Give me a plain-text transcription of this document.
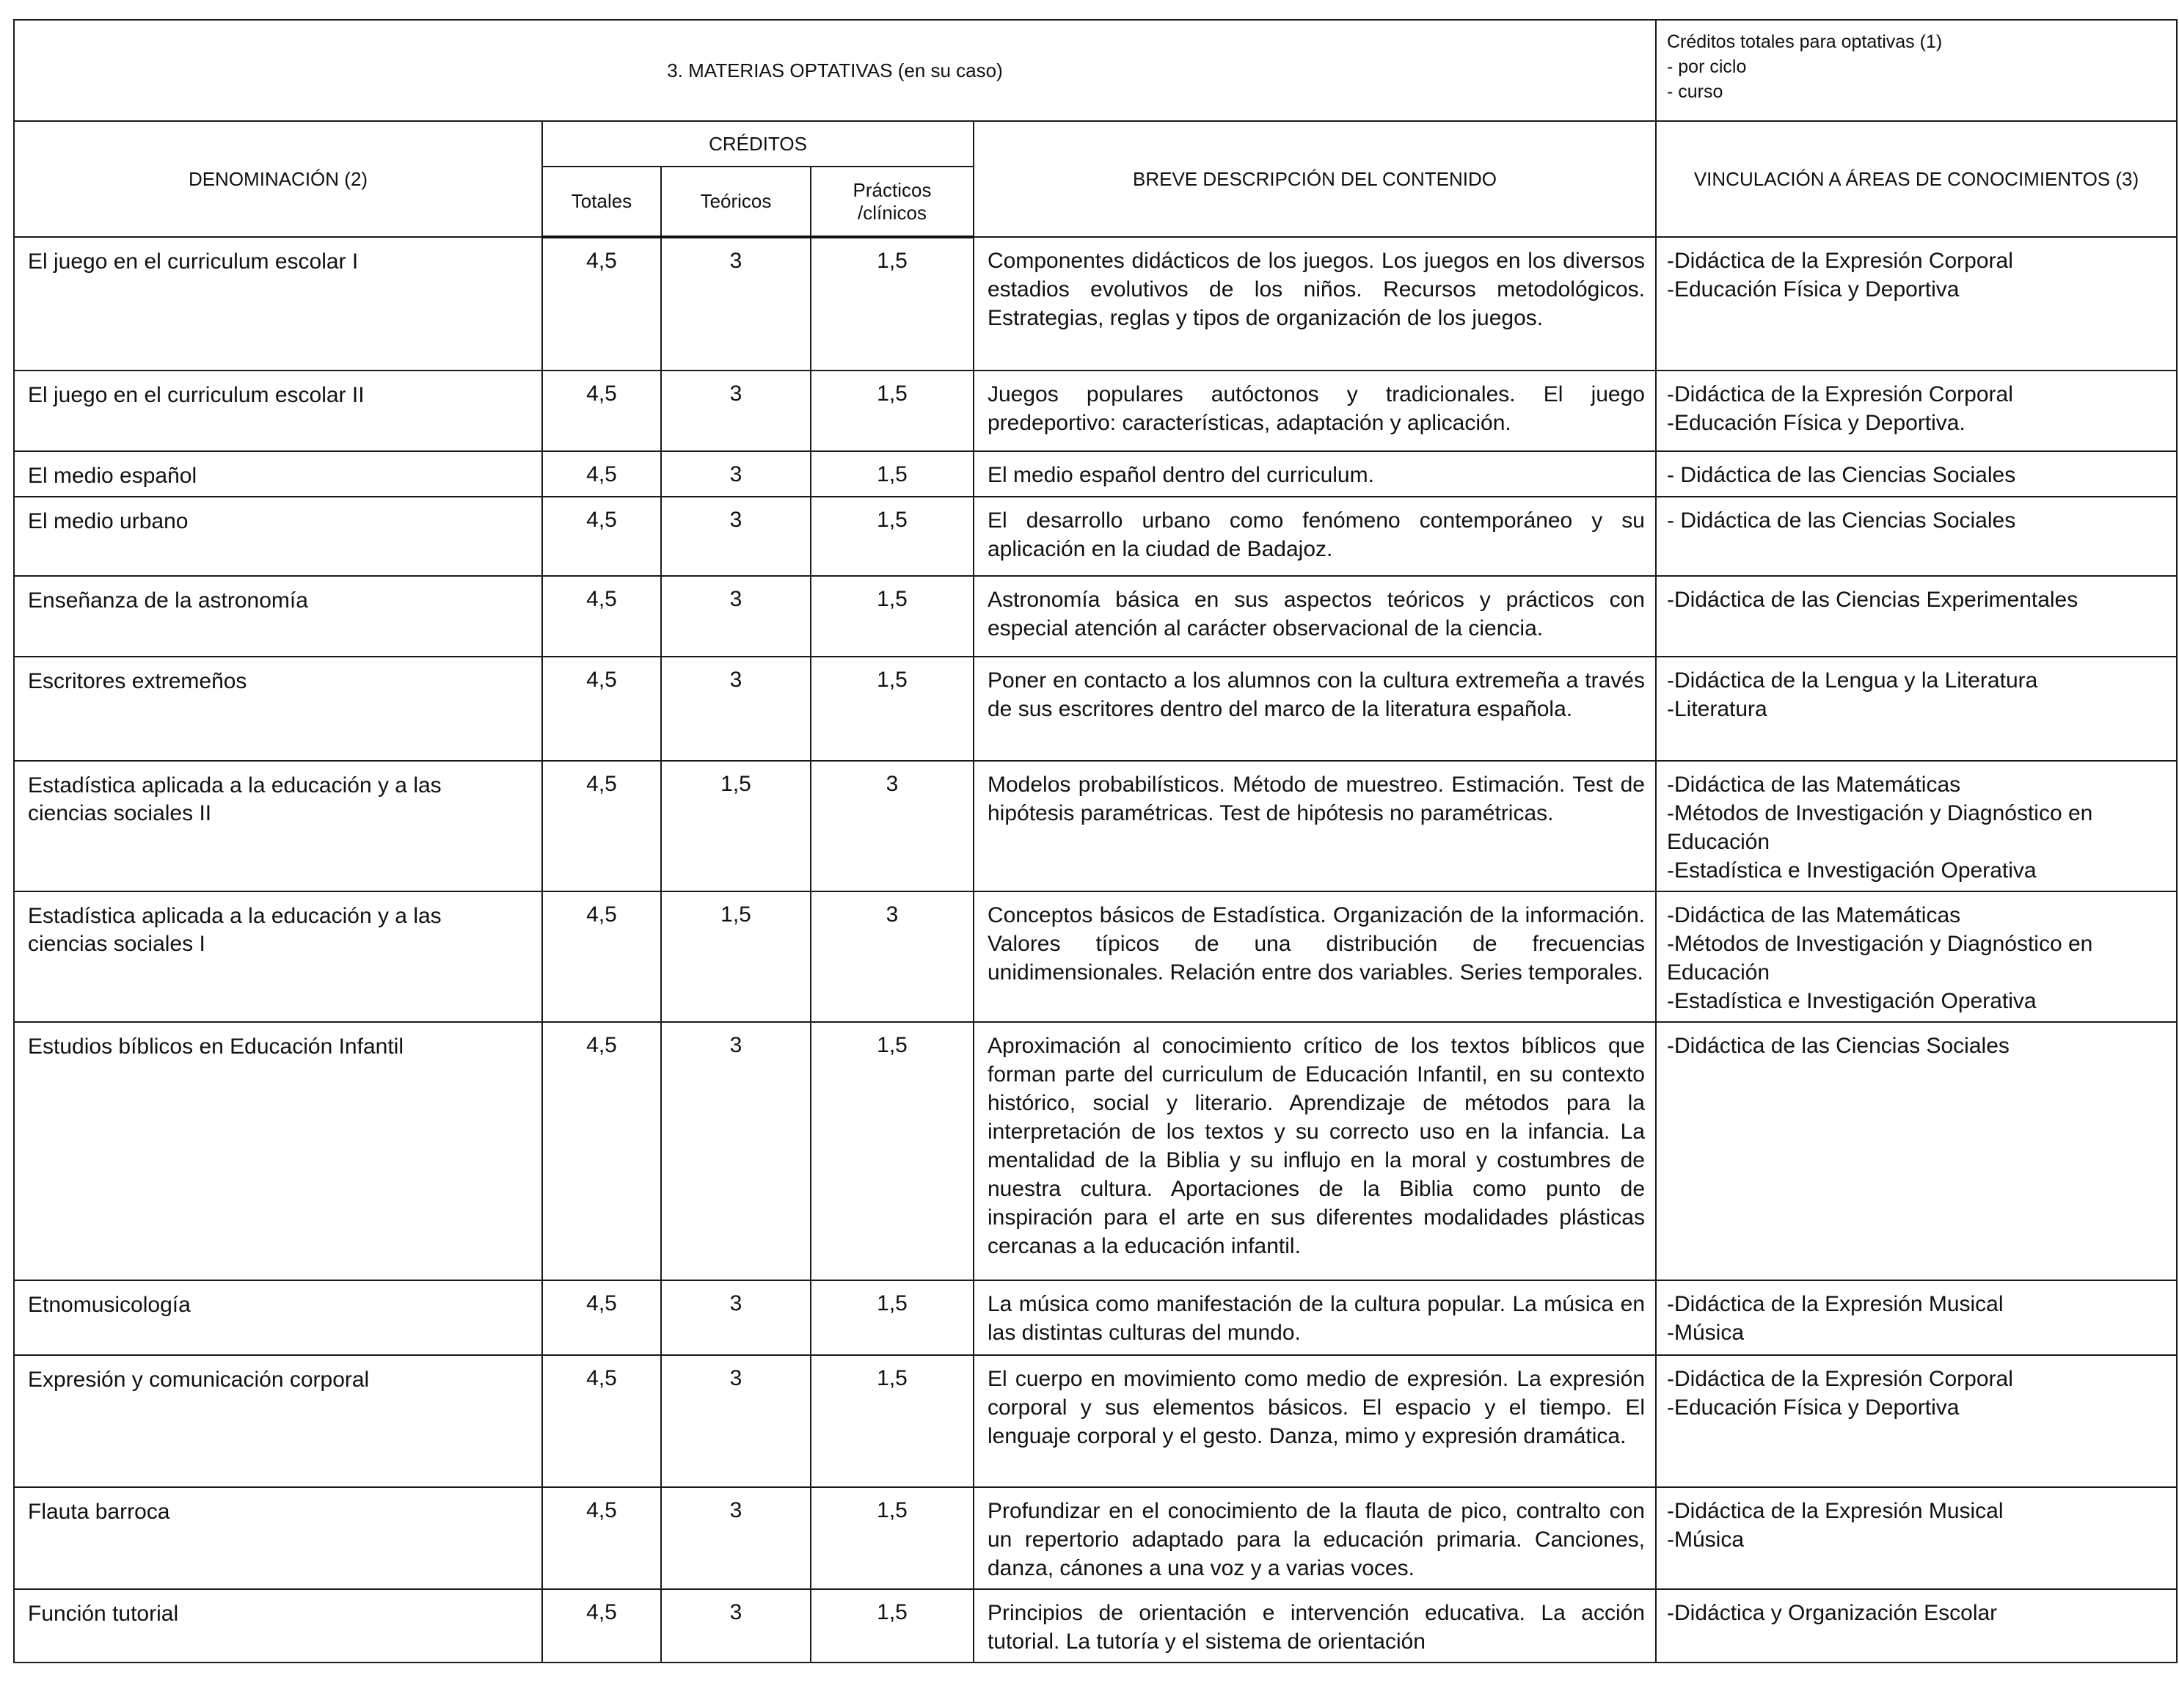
3. MATERIAS OPTATIVAS (en su caso)					Créditos totales para optativas (1)
- por ciclo
- curso

DENOMINACIÓN (2)	CRÉDITOS			BREVE DESCRIPCIÓN DEL CONTENIDO	VINCULACIÓN A ÁREAS DE CONOCIMIENTOS (3)
	Totales	Teóricos	Prácticos
/clínicos		

El juego en el curriculum escolar I	4,5	3	1,5	Componentes didácticos de los juegos. Los juegos en los diversos estadios evolutivos de los niños. Recursos metodológicos. Estrategias, reglas y tipos de organización de los juegos.	-Didáctica de la Expresión Corporal
-Educación Física y Deportiva

El juego en el curriculum escolar II	4,5	3	1,5	Juegos populares autóctonos y tradicionales. El juego predeportivo: características, adaptación y aplicación.	-Didáctica de la Expresión Corporal
-Educación Física y Deportiva.

El medio español	4,5	3	1,5	El medio español dentro del curriculum.	- Didáctica de las Ciencias Sociales

El medio urbano	4,5	3	1,5	El desarrollo urbano como fenómeno contemporáneo y su aplicación en la ciudad de Badajoz.	- Didáctica de las Ciencias Sociales

Enseñanza de la astronomía	4,5	3	1,5	Astronomía básica en sus aspectos teóricos y prácticos con especial atención al carácter observacional de la ciencia.	-Didáctica de las Ciencias Experimentales

Escritores extremeños	4,5	3	1,5	Poner en contacto a los alumnos con la cultura extremeña a través de sus escritores dentro del marco de la literatura española.	-Didáctica de la Lengua y la Literatura
-Literatura

Estadística aplicada a la educación y a las ciencias sociales II	4,5	1,5	3	Modelos probabilísticos. Método de muestreo. Estimación. Test de hipótesis paramétricas. Test de hipótesis no paramétricas.	-Didáctica de las Matemáticas
-Métodos de Investigación y Diagnóstico en Educación
-Estadística e Investigación Operativa

Estadística aplicada a la educación y a las ciencias sociales I	4,5	1,5	3	Conceptos básicos de Estadística. Organización de la información. Valores típicos de una distribución de frecuencias unidimensionales. Relación entre dos variables. Series temporales.	-Didáctica de las Matemáticas
-Métodos de Investigación y Diagnóstico en Educación
-Estadística e Investigación Operativa

Estudios bíblicos en Educación Infantil	4,5	3	1,5	Aproximación al conocimiento crítico de los textos bíblicos que forman parte del curriculum de Educación Infantil, en su contexto histórico, social y literario. Aprendizaje de métodos para la interpretación de los textos y su correcto uso en la infancia. La mentalidad de la Biblia y su influjo en la moral y costumbres de nuestra cultura. Aportaciones de la Biblia como punto de inspiración para el arte en sus diferentes modalidades plásticas cercanas a la educación infantil.	-Didáctica de las Ciencias Sociales

Etnomusicología	4,5	3	1,5	La música como manifestación de la cultura popular. La música en las distintas culturas del mundo.	-Didáctica de la Expresión Musical
-Música

Expresión y comunicación corporal	4,5	3	1,5	El cuerpo en movimiento como medio de expresión. La expresión corporal y sus elementos básicos. El espacio y el tiempo. El lenguaje corporal y el gesto. Danza, mimo y expresión dramática.	-Didáctica de la Expresión Corporal
-Educación Física y Deportiva

Flauta barroca	4,5	3	1,5	Profundizar en el conocimiento de la flauta de pico, contralto con un repertorio adaptado para la educación primaria. Canciones, danza, cánones a una voz y a varias voces.	-Didáctica de la Expresión Musical
-Música

Función tutorial	4,5	3	1,5	Principios de orientación e intervención educativa. La acción tutorial. La tutoría y el sistema de orientación	-Didáctica y Organización Escolar
